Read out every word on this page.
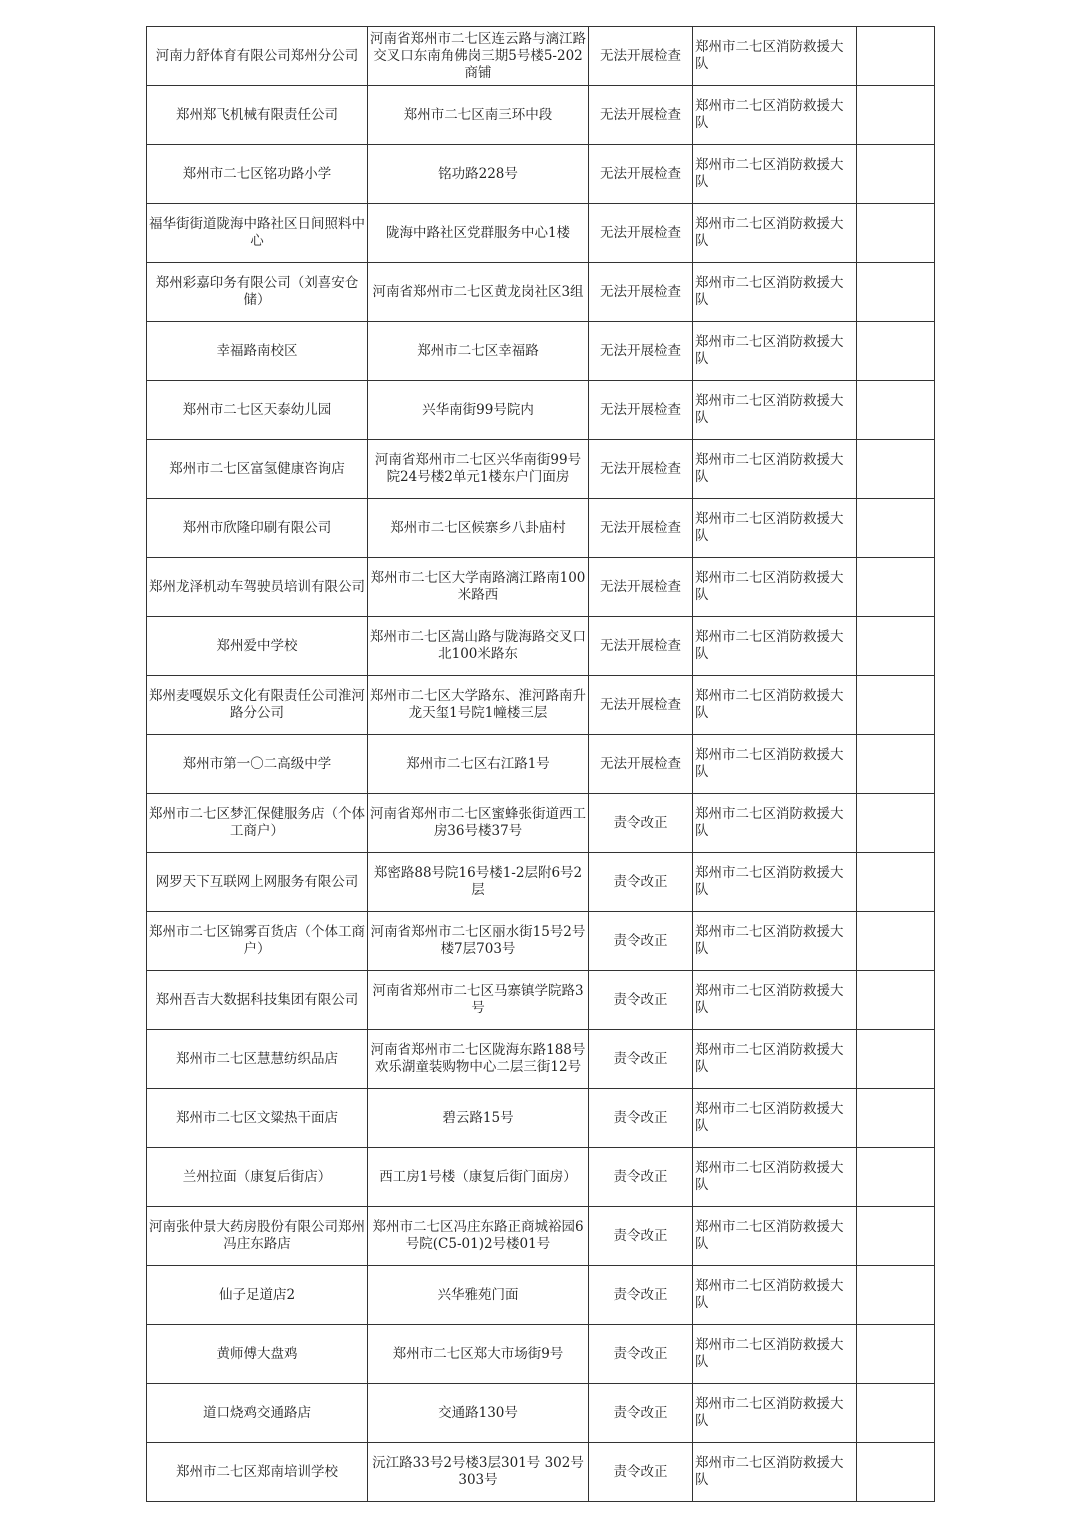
河南力舒体育有限公司郑州分公司	河南省郑州市二七区连云路与漓江路交叉口东南角佛岗三期5号楼5-202商铺	无法开展检查	郑州市二七区消防救援大队	
郑州郑飞机械有限责任公司	郑州市二七区南三环中段	无法开展检查	郑州市二七区消防救援大队	
郑州市二七区铭功路小学	铭功路228号	无法开展检查	郑州市二七区消防救援大队	
福华街街道陇海中路社区日间照料中心	陇海中路社区党群服务中心1楼	无法开展检查	郑州市二七区消防救援大队	
郑州彩嘉印务有限公司（刘喜安仓储）	河南省郑州市二七区黄龙岗社区3组	无法开展检查	郑州市二七区消防救援大队	
幸福路南校区	郑州市二七区幸福路	无法开展检查	郑州市二七区消防救援大队	
郑州市二七区天泰幼儿园	兴华南街99号院内	无法开展检查	郑州市二七区消防救援大队	
郑州市二七区富氢健康咨询店	河南省郑州市二七区兴华南街99号院24号楼2单元1楼东户门面房	无法开展检查	郑州市二七区消防救援大队	
郑州市欣隆印刷有限公司	郑州市二七区候寨乡八卦庙村	无法开展检查	郑州市二七区消防救援大队	
郑州龙泽机动车驾驶员培训有限公司	郑州市二七区大学南路漓江路南100米路西	无法开展检查	郑州市二七区消防救援大队	
郑州爱中学校	郑州市二七区嵩山路与陇海路交叉口北100米路东	无法开展检查	郑州市二七区消防救援大队	
郑州麦嘎娱乐文化有限责任公司淮河路分公司	郑州市二七区大学路东、淮河路南升龙天玺1号院1幢楼三层	无法开展检查	郑州市二七区消防救援大队	
郑州市第一〇二高级中学	郑州市二七区右江路1号	无法开展检查	郑州市二七区消防救援大队	
郑州市二七区梦汇保健服务店（个体工商户）	河南省郑州市二七区蜜蜂张街道西工房36号楼37号	责令改正	郑州市二七区消防救援大队	
网罗天下互联网上网服务有限公司	郑密路88号院16号楼1-2层附6号2层	责令改正	郑州市二七区消防救援大队	
郑州市二七区锦雾百货店（个体工商户）	河南省郑州市二七区丽水街15号2号楼7层703号	责令改正	郑州市二七区消防救援大队	
郑州吾吉大数据科技集团有限公司	河南省郑州市二七区马寨镇学院路3号	责令改正	郑州市二七区消防救援大队	
郑州市二七区慧慧纺织品店	河南省郑州市二七区陇海东路188号欢乐湖童装购物中心二层三街12号	责令改正	郑州市二七区消防救援大队	
郑州市二七区文粱热干面店	碧云路15号	责令改正	郑州市二七区消防救援大队	
兰州拉面（康复后街店）	西工房1号楼（康复后街门面房）	责令改正	郑州市二七区消防救援大队	
河南张仲景大药房股份有限公司郑州冯庄东路店	郑州市二七区冯庄东路正商城裕园6号院(C5-01)2号楼01号	责令改正	郑州市二七区消防救援大队	
仙子足道店2	兴华雅苑门面	责令改正	郑州市二七区消防救援大队	
黄师傅大盘鸡	郑州市二七区郑大市场街9号	责令改正	郑州市二七区消防救援大队	
道口烧鸡交通路店	交通路130号	责令改正	郑州市二七区消防救援大队	
郑州市二七区郑南培训学校	沅江路33号2号楼3层301号 302号 303号	责令改正	郑州市二七区消防救援大队	
